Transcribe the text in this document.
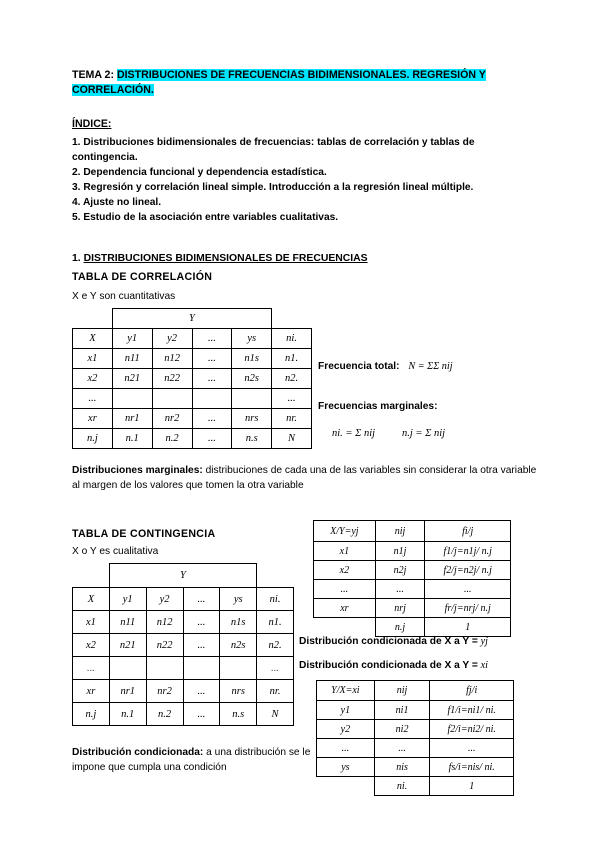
TEMA 2: DISTRIBUCIONES DE FRECUENCIAS BIDIMENSIONALES. REGRESIÓN Y CORRELACIÓN.
ÍNDICE:
1. Distribuciones bidimensionales de frecuencias: tablas de correlación y tablas de contingencia.
2. Dependencia funcional y dependencia estadística.
3. Regresión y correlación lineal simple. Introducción a la regresión lineal múltiple.
4. Ajuste no lineal.
5. Estudio de la asociación entre variables cualitativas.
1. DISTRIBUCIONES BIDIMENSIONALES DE FRECUENCIAS
TABLA DE CORRELACIÓN
X e Y son cuantitativas
	Y				
X	y1	y2	...	ys	ni.
x1	n11	n12	...	n1s	n1.
x2	n21	n22	...	n2s	n2.
...					...
xr	nr1	nr2	...	nrs	nr.
n.j	n.1	n.2	...	n.s	N
Frecuencia total: N = ΣΣ nij
Frecuencias marginales:
ni. = Σ nij	n.j = Σ nij
Distribuciones marginales: distribuciones de cada una de las variables sin considerar la otra variable al margen de los valores que tomen la otra variable
TABLA DE CONTINGENCIA
X o Y es cualitativa
	Y				
X	y1	y2	...	ys	ni.
x1	n11	n12	...	n1s	n1.
x2	n21	n22	...	n2s	n2.
...					...
xr	nr1	nr2	...	nrs	nr.
n.j	n.1	n.2	...	n.s	N
X/Y=yj	nij	fi/j
x1	n1j	f1/j=n1j/ n.j
x2	n2j	f2/j=n2j/ n.j
...	...	...
xr	nrj	fr/j=nrj/ n.j
	n.j	1
Distribución condicionada de X a Y = yj
Distribución condicionada de X a Y = xi
Y/X=xi	nij	fj/i
y1	ni1	f1/i=ni1/ ni.
y2	ni2	f2/i=ni2/ ni.
...	...	...
ys	nis	fs/i=nis/ ni.
	ni.	1
Distribución condicionada: a una distribución se le impone que cumpla una condición
